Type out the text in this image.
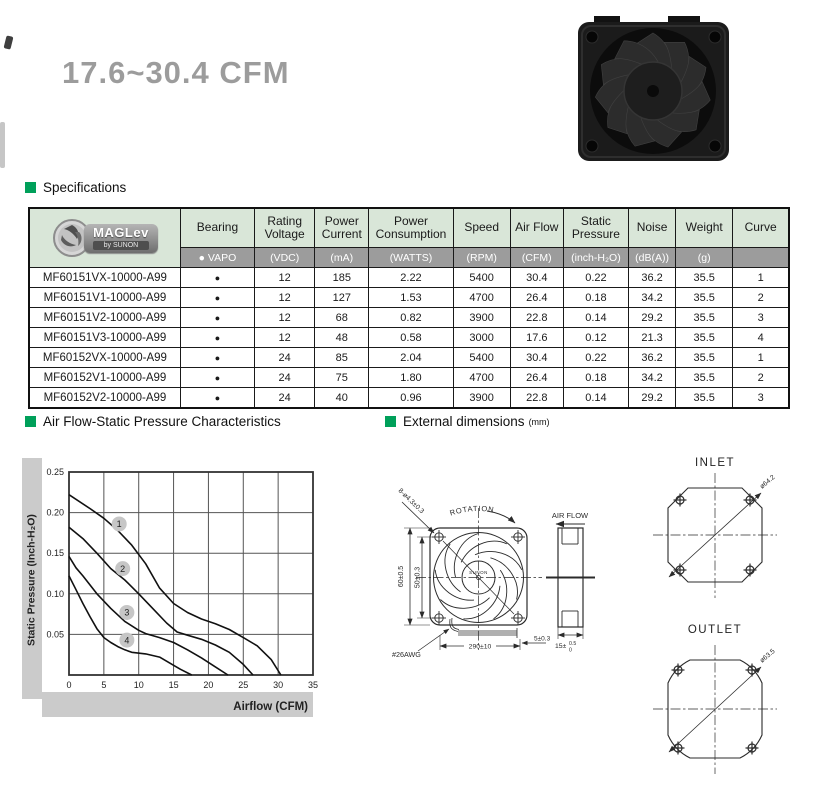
17.6~30.4 CFM
Specifications
MAGLev
by SUNON	Bearing	Rating Voltage	Power Current	Power Consumption	Speed	Air Flow	Static Pressure	Noise	Weight	Curve
	● VAPO	(VDC)	(mA)	(WATTS)	(RPM)	(CFM)	(inch-H₂O)	(dB(A))	(g)	
MF60151VX-10000-A99	●	12	185	2.22	5400	30.4	0.22	36.2	35.5	1
MF60151V1-10000-A99	●	12	127	1.53	4700	26.4	0.18	34.2	35.5	2
MF60151V2-10000-A99	●	12	68	0.82	3900	22.8	0.14	29.2	35.5	3
MF60151V3-10000-A99	●	12	48	0.58	3000	17.6	0.12	21.3	35.5	4
MF60152VX-10000-A99	●	24	85	2.04	5400	30.4	0.22	36.2	35.5	1
MF60152V1-10000-A99	●	24	75	1.80	4700	26.4	0.18	34.2	35.5	2
MF60152V2-10000-A99	●	24	40	0.96	3900	22.8	0.14	29.2	35.5	3
Air Flow-Static Pressure Characteristics	External dimensions (mm)
0	5	10	15	20	25	30	35
0.05
0.10
0.15
0.20
0.25
1
2
3
4
Static Pressure (Inch-H₂O)
Airflow (CFM)
SUNON
ROTATION
8-ø4.3±0.3
60±0.5 50±0.3
290±10
5±0.3
#26AWG
AIR FLOW
15± 0.5
0
INLET
ø64.2
OUTLET
ø63.5
